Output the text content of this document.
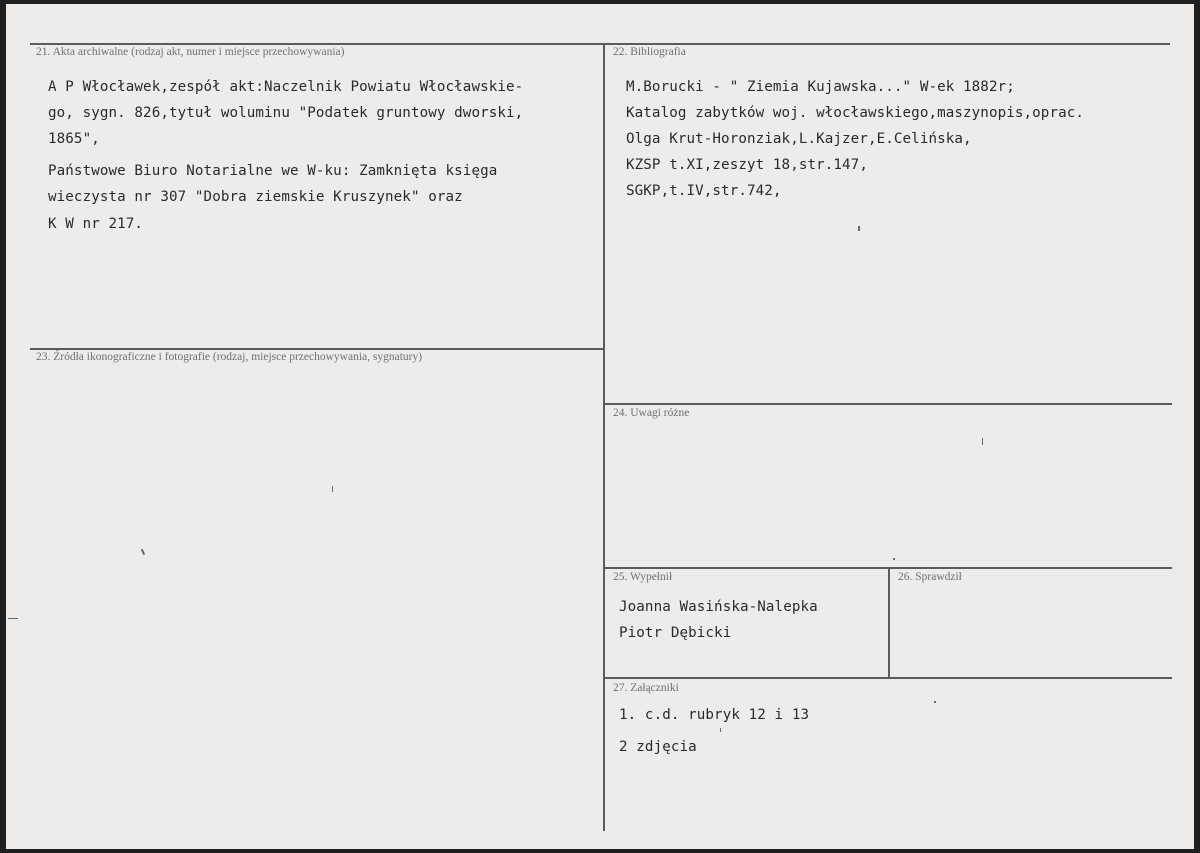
21. Akta archiwalne (rodzaj akt, numer i miejsce przechowywania)
A P Włocławek,zespół akt:Naczelnik Powiatu Włocławskie-
go, sygn. 826,tytuł woluminu "Podatek gruntowy dworski,
1865",
Państwowe Biuro Notarialne we W-ku: Zamknięta księga
wieczysta nr 307 "Dobra ziemskie Kruszynek" oraz
K W nr 217.
22. Bibliografia
M.Borucki - " Ziemia Kujawska..." W-ek 1882r;
Katalog zabytków woj. włocławskiego,maszynopis,oprac.
Olga Krut-Horonziak,L.Kajzer,E.Celińska,
KZSP t.XI,zeszyt 18,str.147,
SGKP,t.IV,str.742,
23. Źródła ikonograficzne i fotografie (rodzaj, miejsce przechowywania, sygnatury)
24. Uwagi różne
25. Wypełnił
Joanna Wasińska-Nalepka
Piotr Dębicki
26. Sprawdził
27. Załączniki
1. c.d. rubryk 12 i 13
2 zdjęcia
